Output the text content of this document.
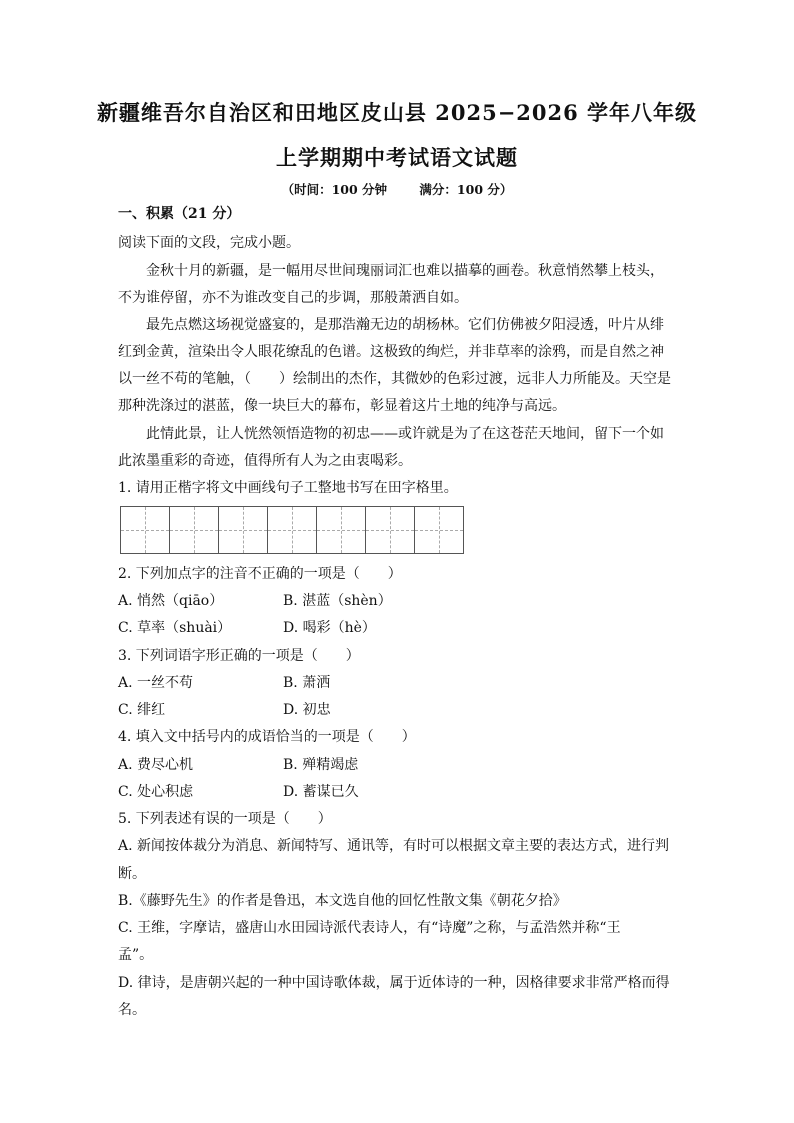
新疆维吾尔自治区和田地区皮山县 2025−2026 学年八年级
上学期期中考试语文试题
（时间：100 分钟	满分：100 分）
一、积累（21 分）
阅读下面的文段，完成小题。
金秋十月的新疆，是一幅用尽世间瑰丽词汇也难以描摹的画卷。秋意悄然攀上枝头，
不为谁停留，亦不为谁改变自己的步调，那般萧洒自如。
最先点燃这场视觉盛宴的，是那浩瀚无边的胡杨林。它们仿佛被夕阳浸透，叶片从绯
红到金黄，渲染出令人眼花缭乱的色谱。这极致的绚烂，并非草率的涂鸦，而是自然之神
以一丝不苟的笔触，（　　）绘制出的杰作，其微妙的色彩过渡，远非人力所能及。天空是
那种洗涤过的湛蓝，像一块巨大的幕布，彰显着这片土地的纯净与高远。
此情此景，让人恍然领悟造物的初忠——或许就是为了在这苍茫天地间，留下一个如
此浓墨重彩的奇迹，值得所有人为之由衷喝彩。
1. 请用正楷字将文中画线句子工整地书写在田字格里。
2. 下列加点字的注音不正确的一项是（　　）
A. 悄然（qiāo）	B. 湛蓝（shèn）
C. 草率（shuài）	D. 喝彩（hè）
3. 下列词语字形正确的一项是（　　）
A. 一丝不苟	B. 萧洒
C. 绯红	D. 初忠
4. 填入文中括号内的成语恰当的一项是（　　）
A. 费尽心机	B. 殚精竭虑
C. 处心积虑	D. 蓄谋已久
5. 下列表述有误的一项是（　　）
A. 新闻按体裁分为消息、新闻特写、通讯等，有时可以根据文章主要的表达方式，进行判
断。
B.《藤野先生》的作者是鲁迅，本文选自他的回忆性散文集《朝花夕拾》
C. 王维，字摩诘，盛唐山水田园诗派代表诗人，有“诗魔”之称，与孟浩然并称“王
孟”。
D. 律诗，是唐朝兴起的一种中国诗歌体裁，属于近体诗的一种，因格律要求非常严格而得
名。
